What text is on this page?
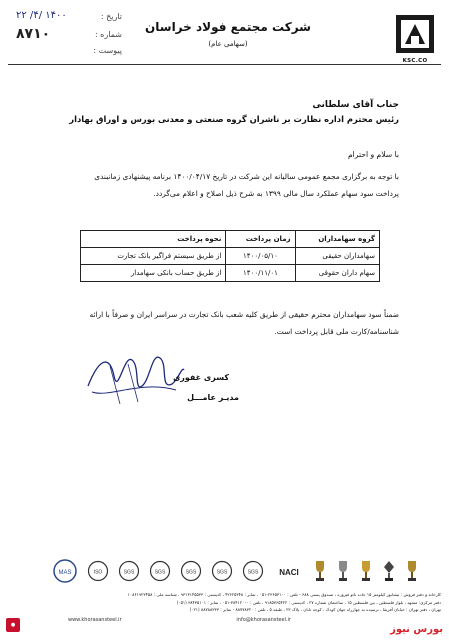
KSC.CO
شرکت مجتمع فولاد خراسان
(سهامی عام)
تاریخ :
۱۴۰۰ /۴/ ۲۲
شماره :
۸۷۱۰
پیوست :
جناب آقای سلطانی
رئیس محترم اداره نظارت بر ناشران گروه صنعتی و معدنی بورس و اوراق بهادار
با سلام و احترام
با توجه به برگزاری مجمع عمومی سالیانه این شرکت در تاریخ ۱۴۰۰/۰۴/۱۷ برنامه پیشنهادی زمانبندی
پرداخت سود سهام عملکرد سال مالی ۱۳۹۹ به شرح ذیل اصلاح و اعلام می‌گردد.
گروه سهامداران	زمان پرداخت	نحوه پرداخت
سهامداران حقیقی	۱۴۰۰/۰۵/۱۰	از طریق سیستم فراگیر بانک تجارت
سهام داران حقوقی	۱۴۰۰/۱۱/۰۱	از طریق حساب بانکی سهامدار
ضمناً سود سهامداران محترم حقیقی از طریق کلیه شعب بانک تجارت در سراسر ایران و صرفاً با ارائه
شناسنامه/کارت ملی قابل پرداخت است.
کسری غفوری
مدیـر عامـــل
MAS	ISO	SGS	SGS	SGS	SGS	SGS	NACI
کارخانه و دفتر فروش : نیشابور کیلومتر ۱۵ جاده نائو فیروزه ، صندوق پستی ۶۸۸ - تلفن : ۲۳۶۵۳۱۰۰-۰۵۱ ، نمابر : ۴۲۶۲۵۳۴۸ ، کدپستی : ۹۳۱۳۱۴۵۵۳۳ ، شناسه ملی : ۱۰۸۶۱۹۲۳۴۵۸
دفتر مرکزی: مشهد ، بلوار فلسطین ، بین فلسطین ۱۵ ، ساختمان شماره ۲۷ ، کدپستی : ۹۱۸۵۷۶۵۴۲۲ ، تلفن : ۳۸۴۱۲۰۰۰-۰۵۱ ، نمابر : ۳۸۴۳۵۱۰۱ (۰۵۱)
تهران ، دفتر تهران : خیابان آفریقا ، نرسیده به چهارراه جهان کودک ، کوچه تابان ، پلاک ۲۳ ، طبقه ۵ ، تلفن : ۸۸۷۷۸۳۲۰ - نمابر : ۸۸۷۸۸۳۳۳ (۰۲۱)
www.khorasansteel.ir	info@khorasansteel.ir
●	بورس نیوز
